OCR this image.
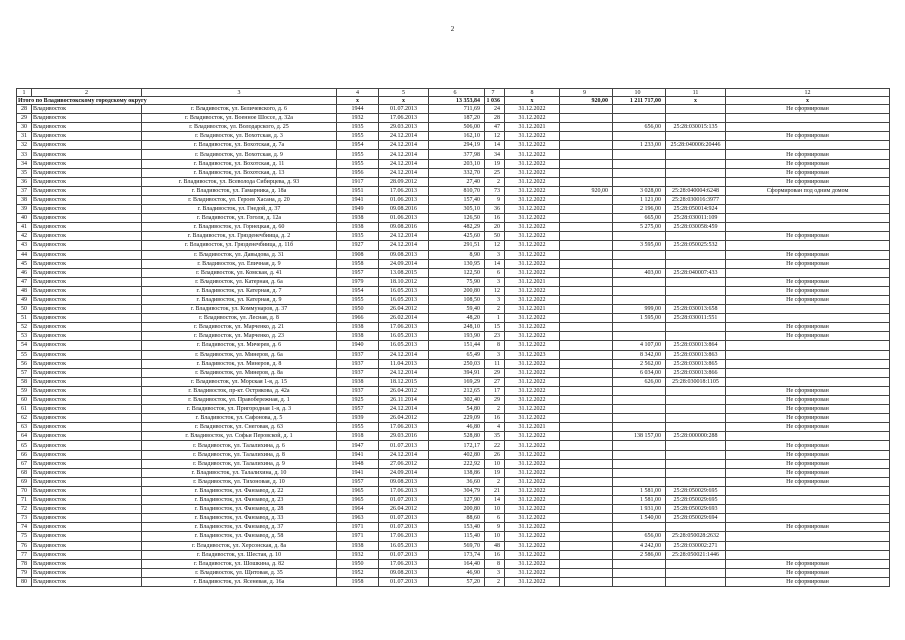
2
1	2	3	4	5	6	7	8	9	10	11	12
Итого по Владивостокскому городскому округу			x	x	13 353,84	1 036	x	920,00	1 211 717,00	x	x
28	Владивосток	г. Владивосток, ул. Беличевского, д. 6	1944	01.07.2013	711,69	24	31.12.2022				Не сформирован
29	Владивосток	г. Владивосток, ул. Военное Шоссе, д. 32а	1932	17.06.2013	187,20	28	31.12.2022				
30	Владивосток	г. Владивосток, ул. Володарского, д. 25	1935	29.03.2013	506,00	47	31.12.2021		656,00	25:28:030015:135	
31	Владивосток	г. Владивосток, ул. Вохотская, д. 3	1955	24.12.2014	162,10	12	31.12.2022				Не сформирован
32	Владивосток	г. Владивосток, ул. Вохотская, д. 7а	1954	24.12.2014	294,19	14	31.12.2022		1 233,00	25:28:040006:20446	
33	Владивосток	г. Владивосток, ул. Вохотская, д. 9	1955	24.12.2014	377,98	34	31.12.2022				Не сформирован
34	Владивосток	г. Владивосток, ул. Вохотская, д. 11	1955	24.12.2014	203,10	19	31.12.2022				Не сформирован
35	Владивосток	г. Владивосток, ул. Вохотская, д. 13	1956	24.12.2014	332,70	25	31.12.2022				Не сформирован
36	Владивосток	г. Владивосток, ул. Всеволода Сибирцева, д. 93	1917	28.09.2012	27,40	2	31.12.2022				Не сформирован
37	Владивосток	г. Владивосток, ул. Гамарника, д. 18а	1951	17.06.2013	810,70	73	31.12.2022	920,00	3 028,00	25:28:040004:6248	Сформирован под одним домом
38	Владивосток	г. Владивосток, ул. Героев Хасана, д. 20	1941	01.06.2013	157,40	9	31.12.2022		1 121,00	25:28:030016:3977	
39	Владивосток	г. Владивосток, ул. Гнедой, д. 37	1949	09.08.2016	305,10	36	31.12.2022		2 196,00	25:28:050014:924	
40	Владивосток	г. Владивосток, ул. Гоголя, д. 12а	1938	01.06.2013	126,50	16	31.12.2022		665,00	25:28:030011:109	
41	Владивосток	г. Владивосток, ул. Горнецкая, д. 60	1938	09.08.2016	482,29	20	31.12.2022		5 275,00	25:28:030058:459	
42	Владивосток	г. Владивосток, ул. Грязденечбиица, д. 2	1935	24.12.2014	425,60	50	31.12.2022				Не сформирован
43	Владивосток	г. Владивосток, ул. Грязденечбиица, д. 11б	1927	24.12.2014	291,51	12	31.12.2022		3 595,00	25:28:050025:532	
44	Владивосток	г. Владивосток, ул. Давыдова, д. 31	1908	09.08.2013	8,90	3	31.12.2022				Не сформирован
45	Владивосток	г. Владивосток, ул. Епичная, д. 9	1958	24.09.2014	130,95	14	31.12.2022				Не сформирован
46	Владивосток	г. Владивосток, ул. Комская, д. 41	1957	13.08.2015	122,50	6	31.12.2022		403,00	25:28:040007:433	
47	Владивосток	г. Владивосток, ул. Катерная, д. 6а	1979	18.10.2012	75,90	3	31.12.2021				Не сформирован
48	Владивосток	г. Владивосток, ул. Катерная, д. 7	1954	16.05.2013	200,80	12	31.12.2022				Не сформирован
49	Владивосток	г. Владивосток, ул. Катерная, д. 9	1955	16.05.2013	108,50	3	31.12.2022				Не сформирован
50	Владивосток	г. Владивосток, ул. Коммунаров, д. 37	1950	26.04.2012	59,40	2	31.12.2021		999,00	25:28:030013:658	
51	Владивосток	г. Владивосток, ул. Лесная, д. 8	1966	26.02.2014	48,20	1	31.12.2022		1 595,00	25:28:030011:551	
52	Владивосток	г. Владивосток, ул. Марченко, д. 21	1938	17.06.2013	248,10	15	31.12.2022				Не сформирован
53	Владивосток	г. Владивосток, ул. Марченко, д. 23	1938	16.05.2013	193,90	23	31.12.2022				Не сформирован
54	Владивосток	г. Владивосток, ул. Мичерев, д. 6	1940	16.05.2013	151,44	8	31.12.2022		4 107,00	25:28:030013:864	
55	Владивосток	г. Владивосток, ул. Минеров, д. 6а	1937	24.12.2014	65,49	3	31.12.2023		8 342,00	25:28:030013:863	
56	Владивосток	г. Владивосток, ул. Минеров, д. 8	1937	11.04.2013	250,03	11	31.12.2022		2 562,00	25:28:030013:865	
57	Владивосток	г. Владивосток, ул. Минеров, д. 8а	1937	24.12.2014	394,91	29	31.12.2022		6 034,00	25:28:030013:866	
58	Владивосток	г. Владивосток, ул. Морская 1-я, д. 15	1938	18.12.2015	169,29	27	31.12.2022		626,00	25:28:030018:1105	
59	Владивосток	г. Владивосток, пр-кт. Острякова, д. 42а	1937	26.04.2012	212,65	17	31.12.2022				Не сформирован
60	Владивосток	г. Владивосток, ул. Правобережная, д. 1	1925	26.11.2014	302,40	29	31.12.2022				Не сформирован
61	Владивосток	г. Владивосток, ул. Пригородная 1-я, д. 3	1957	24.12.2014	54,80	2	31.12.2022				Не сформирован
62	Владивосток	г. Владивосток, ул. Сафонова, д. 5	1939	26.04.2012	229,09	16	31.12.2022				Не сформирован
63	Владивосток	г. Владивосток, ул. Снеговая, д. 63	1955	17.06.2013	46,80	4	31.12.2021				Не сформирован
64	Владивосток	г. Владивосток, ул. Софьи Перовской, д. 1	1918	29.03.2016	528,80	35	31.12.2022		138 157,00	25:28:000000:288	
65	Владивосток	г. Владивосток, ул. Талалихина, д. 6	1947	01.07.2013	172,17	22	31.12.2022				Не сформирован
66	Владивосток	г. Владивосток, ул. Талалихина, д. 8	1941	24.12.2014	402,80	26	31.12.2022				Не сформирован
67	Владивосток	г. Владивосток, ул. Талалихина, д. 9	1948	27.06.2012	222,92	10	31.12.2022				Не сформирован
68	Владивосток	г. Владивосток, ул. Талалихина, д. 10	1941	24.09.2014	138,86	19	31.12.2022				Не сформирован
69	Владивосток	г. Владивосток, ул. Тихоновая, д. 10	1957	09.08.2013	36,60	2	31.12.2022				Не сформирован
70	Владивосток	г. Владивосток, ул. Фанзавод, д. 22	1965	17.06.2013	304,79	21	31.12.2022		1 581,00	25:28:050029:695	
71	Владивосток	г. Владивосток, ул. Фанзавод, д. 23	1965	01.07.2013	127,90	14	31.12.2022		1 581,00	25:28:050029:695	
72	Владивосток	г. Владивосток, ул. Фанзавод, д. 28	1964	26.04.2012	200,80	10	31.12.2022		1 931,00	25:28:050029:693	
73	Владивосток	г. Владивосток, ул. Фанзавод, д. 33	1963	01.07.2013	88,60	6	31.12.2022		1 540,00	25:28:050029:694	
74	Владивосток	г. Владивосток, ул. Фанзавод, д. 37	1971	01.07.2013	153,40	9	31.12.2022				Не сформирован
75	Владивосток	г. Владивосток, ул. Фанзавод, д. 58	1971	17.06.2013	115,40	10	31.12.2022		656,00	25:28:050028:2632	
76	Владивосток	г. Владивосток, ул. Херсонская, д. 8а	1938	16.05.2013	569,70	48	31.12.2022		4 242,00	25:28:030002:271	
77	Владивосток	г. Владивосток, ул. Шестая, д. 10	1932	01.07.2013	173,74	16	31.12.2022		2 586,00	25:28:050021:1446	
78	Владивосток	г. Владивосток, ул. Шошкина, д. 82	1950	17.06.2013	164,40	8	31.12.2022				Не сформирован
79	Владивосток	г. Владивосток, ул. Щитовая, д. 35	1952	09.08.2013	46,90	3	31.12.2022				Не сформирован
80	Владивосток	г. Владивосток, ул. Ясеневая, д. 16а	1958	01.07.2013	57,20	2	31.12.2022				Не сформирован
